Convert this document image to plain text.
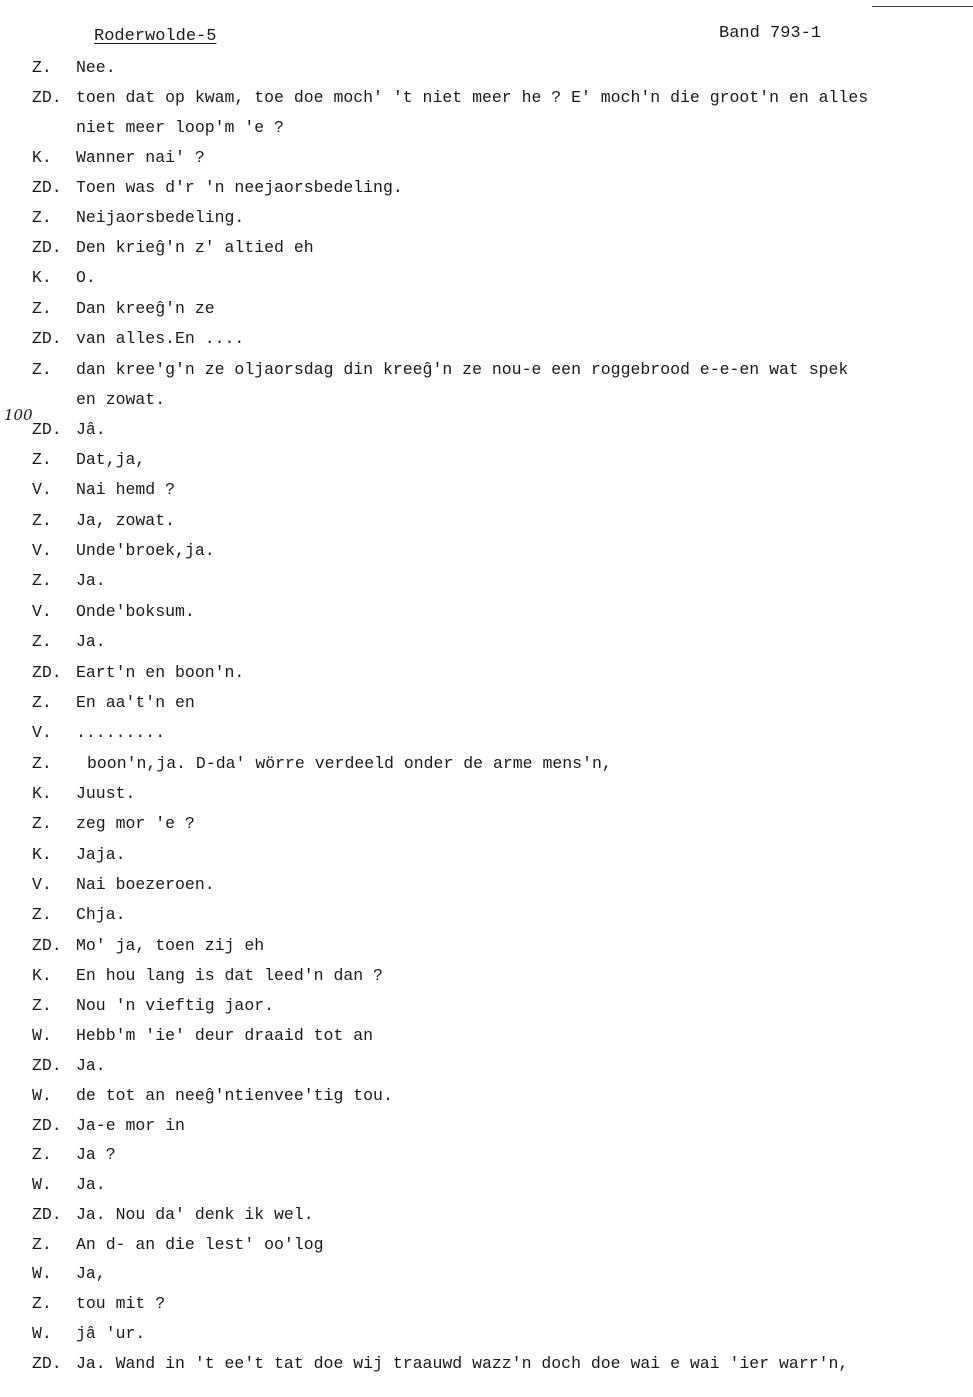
Roderwolde-5	Band 793-1
100
Z. Nee.
ZD. toen dat op kwam, toe doe moch' 't niet meer he ? E' moch'n die groot'n en alles
niet meer loop'm 'e ?
K. Wanner nai' ?
ZD. Toen was d'r 'n neejaorsbedeling.
Z. Neijaorsbedeling.
ZD. Den krieĝ'n z' altied eh
K. O.
Z. Dan kreeĝ'n ze
ZD. van alles.En ....
Z. dan kree'g'n ze oljaorsdag din kreeĝ'n ze nou-e een roggebrood e-e-en wat spek
en zowat.
ZD. Jâ.
Z. Dat,ja,
V. Nai hemd ?
Z. Ja, zowat.
V. Unde'broek,ja.
Z. Ja.
V. Onde'boksum.
Z. Ja.
ZD. Eart'n en boon'n.
Z. En aa't'n en
V. .........
Z. boon'n,ja. D-da' wörre verdeeld onder de arme mens'n,
K. Juust.
Z. zeg mor 'e ?
K. Jaja.
V. Nai boezeroen.
Z. Chja.
ZD. Mo' ja, toen zij eh
K. En hou lang is dat leed'n dan ?
Z. Nou 'n vieftig jaor.
W. Hebb'm 'ie' deur draaid tot an
ZD. Ja.
W. de tot an neeĝ'ntienvee'tig tou.
ZD. Ja-e mor in
Z. Ja ?
W. Ja.
ZD. Ja. Nou da' denk ik wel.
Z. An d- an die lest' oo'log
W. Ja,
Z. tou mit ?
W. jâ 'ur.
ZD. Ja. Wand in 't ee't tat doe wij traauwd wazz'n doch doe wai e wai 'ier warr'n,
